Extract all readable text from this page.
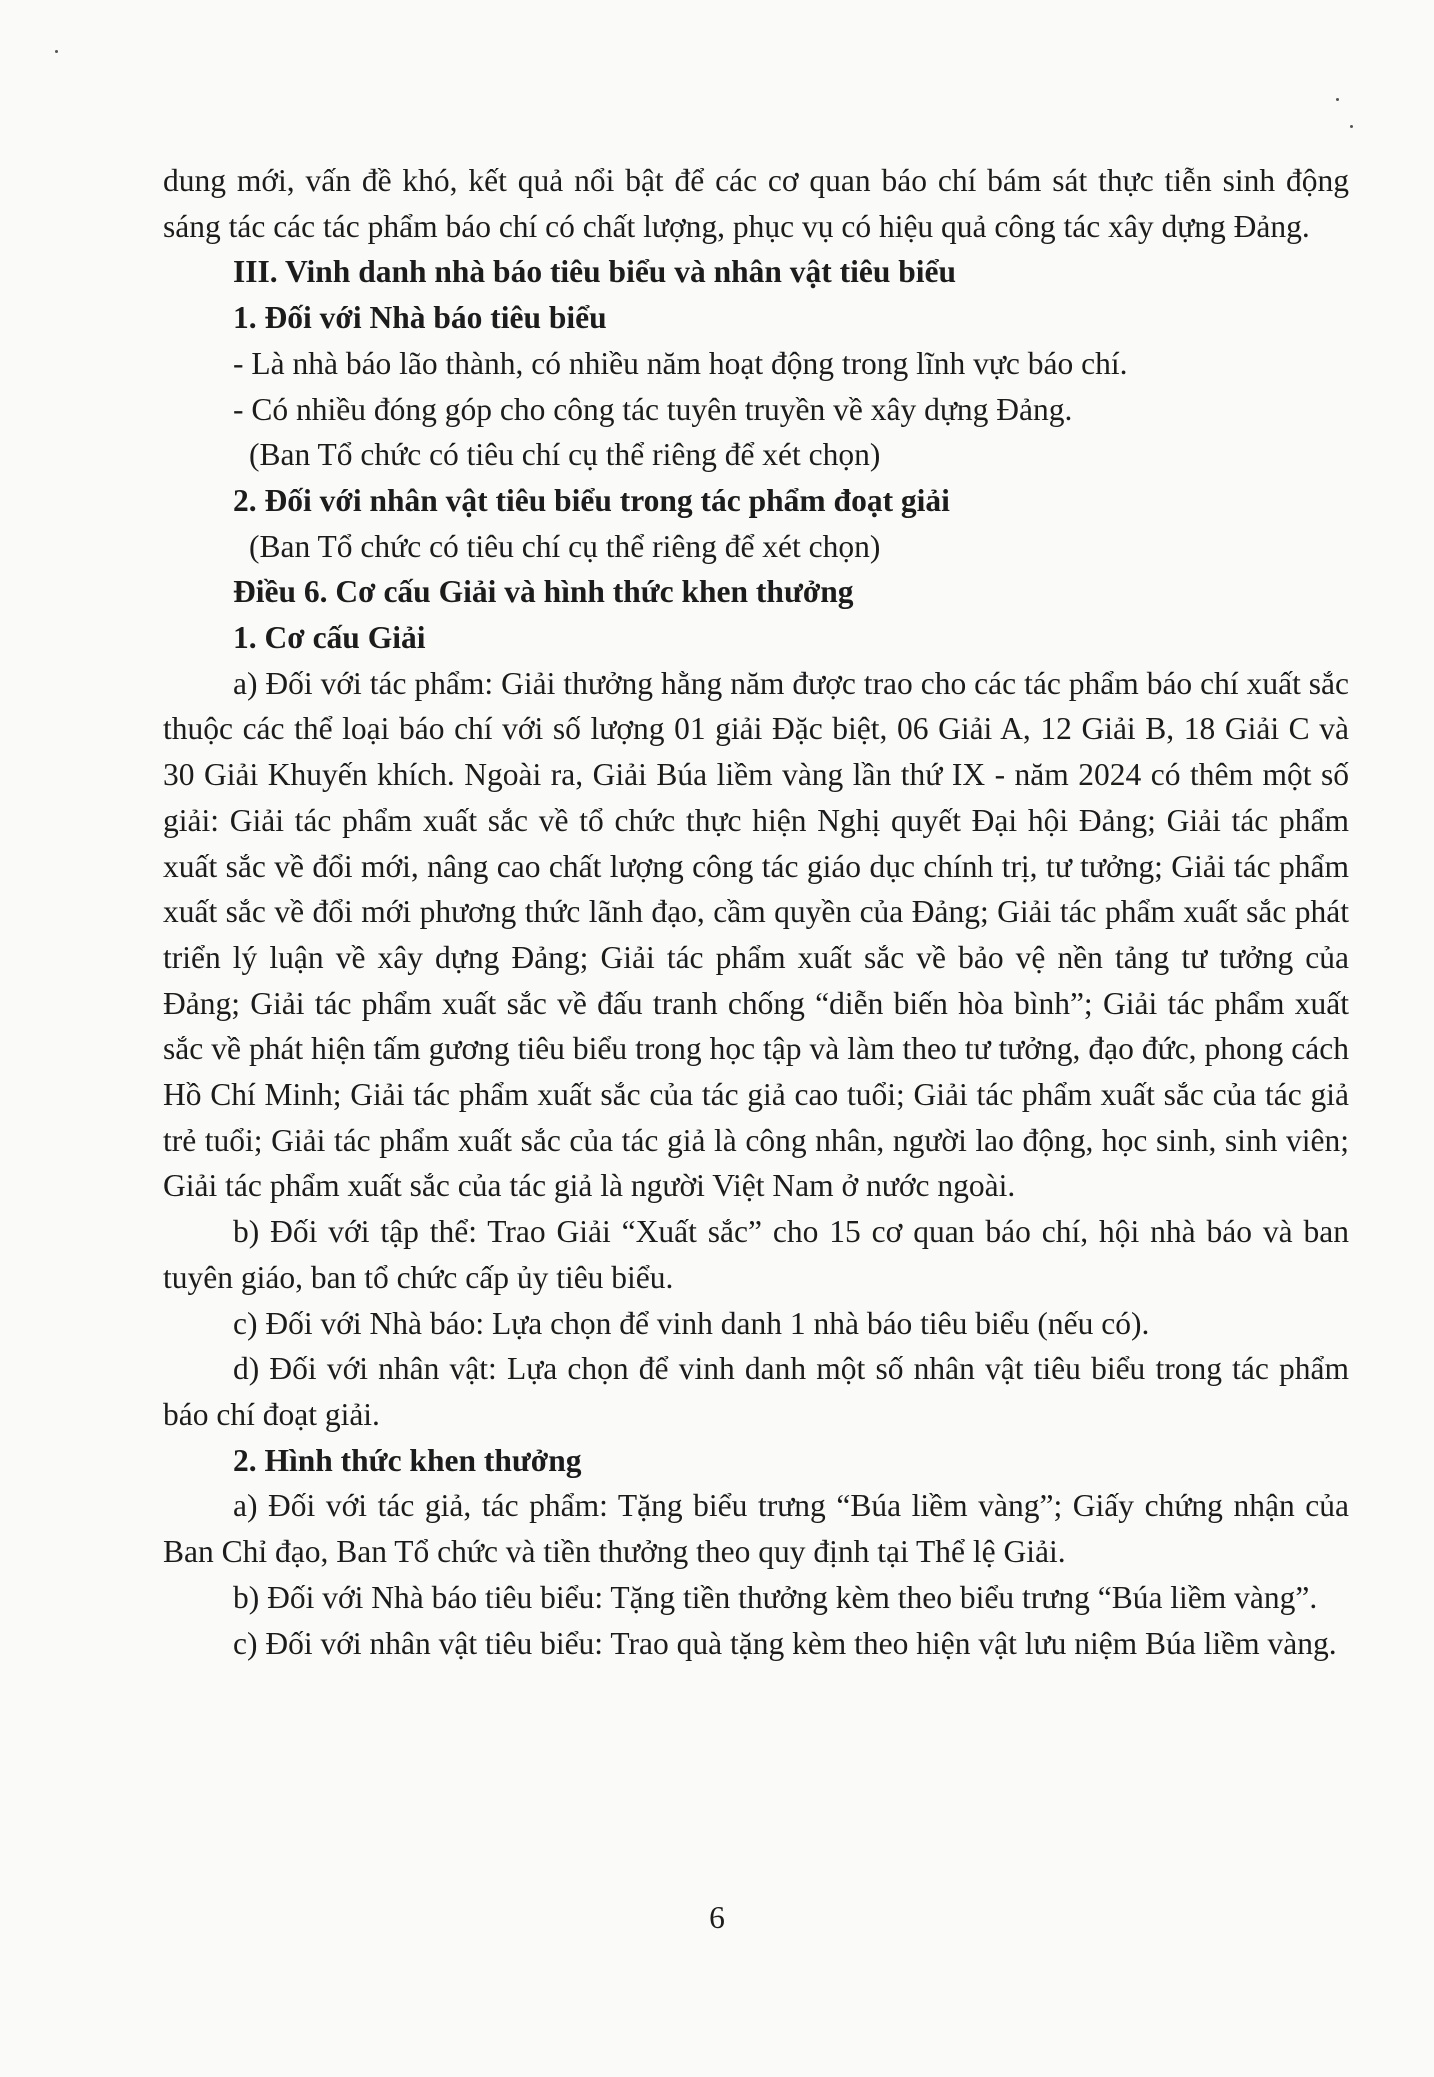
dung mới, vấn đề khó, kết quả nổi bật để các cơ quan báo chí bám sát thực tiễn sinh động sáng tác các tác phẩm báo chí có chất lượng, phục vụ có hiệu quả công tác xây dựng Đảng.

III. Vinh danh nhà báo tiêu biểu và nhân vật tiêu biểu

1. Đối với Nhà báo tiêu biểu

- Là nhà báo lão thành, có nhiều năm hoạt động trong lĩnh vực báo chí.

- Có nhiều đóng góp cho công tác tuyên truyền về xây dựng Đảng.

(Ban Tổ chức có tiêu chí cụ thể riêng để xét chọn)

2. Đối với nhân vật tiêu biểu trong tác phẩm đoạt giải

(Ban Tổ chức có tiêu chí cụ thể riêng để xét chọn)

Điều 6. Cơ cấu Giải và hình thức khen thưởng

1. Cơ cấu Giải

a) Đối với tác phẩm: Giải thưởng hằng năm được trao cho các tác phẩm báo chí xuất sắc thuộc các thể loại báo chí với số lượng 01 giải Đặc biệt, 06 Giải A, 12 Giải B, 18 Giải C và 30 Giải Khuyến khích. Ngoài ra, Giải Búa liềm vàng lần thứ IX - năm 2024 có thêm một số giải: Giải tác phẩm xuất sắc về tổ chức thực hiện Nghị quyết Đại hội Đảng; Giải tác phẩm xuất sắc về đổi mới, nâng cao chất lượng công tác giáo dục chính trị, tư tưởng; Giải tác phẩm xuất sắc về đổi mới phương thức lãnh đạo, cầm quyền của Đảng; Giải tác phẩm xuất sắc phát triển lý luận về xây dựng Đảng; Giải tác phẩm xuất sắc về bảo vệ nền tảng tư tưởng của Đảng; Giải tác phẩm xuất sắc về đấu tranh chống “diễn biến hòa bình”; Giải tác phẩm xuất sắc về phát hiện tấm gương tiêu biểu trong học tập và làm theo tư tưởng, đạo đức, phong cách Hồ Chí Minh; Giải tác phẩm xuất sắc của tác giả cao tuổi; Giải tác phẩm xuất sắc của tác giả trẻ tuổi; Giải tác phẩm xuất sắc của tác giả là công nhân, người lao động, học sinh, sinh viên; Giải tác phẩm xuất sắc của tác giả là người Việt Nam ở nước ngoài.

b) Đối với tập thể: Trao Giải “Xuất sắc” cho 15 cơ quan báo chí, hội nhà báo và ban tuyên giáo, ban tổ chức cấp ủy tiêu biểu.

c) Đối với Nhà báo: Lựa chọn để vinh danh 1 nhà báo tiêu biểu (nếu có).

d) Đối với nhân vật: Lựa chọn để vinh danh một số nhân vật tiêu biểu trong tác phẩm báo chí đoạt giải.

2. Hình thức khen thưởng

a) Đối với tác giả, tác phẩm: Tặng biểu trưng “Búa liềm vàng”; Giấy chứng nhận của Ban Chỉ đạo, Ban Tổ chức và tiền thưởng theo quy định tại Thể lệ Giải.

b) Đối với Nhà báo tiêu biểu: Tặng tiền thưởng kèm theo biểu trưng “Búa liềm vàng”.

c) Đối với nhân vật tiêu biểu: Trao quà tặng kèm theo hiện vật lưu niệm Búa liềm vàng.

6
